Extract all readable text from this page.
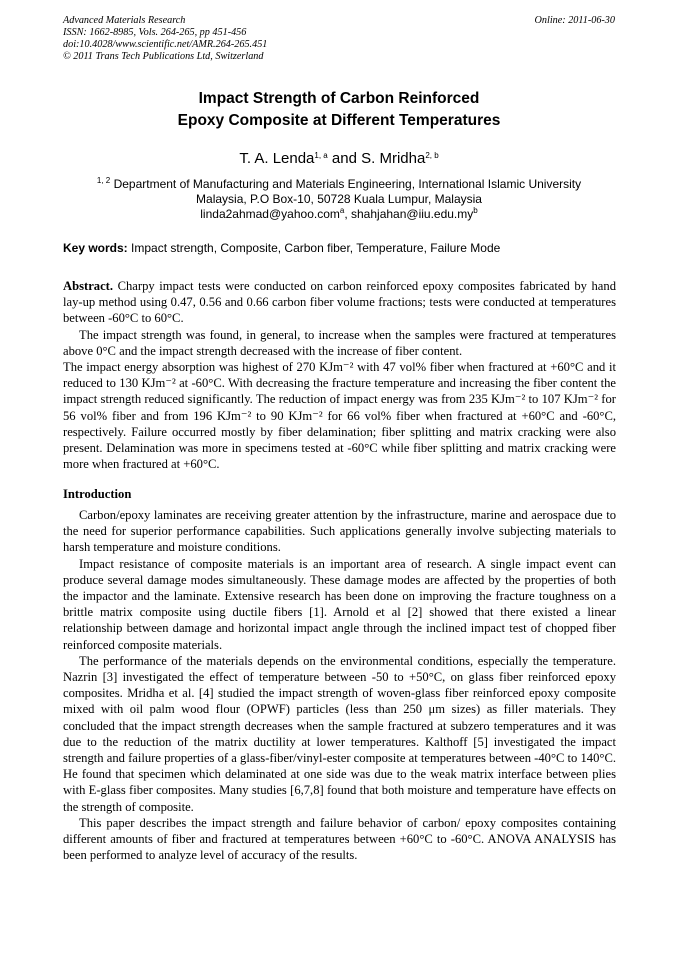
Advanced Materials Research
ISSN: 1662-8985, Vols. 264-265, pp 451-456
doi:10.4028/www.scientific.net/AMR.264-265.451
© 2011 Trans Tech Publications Ltd, Switzerland
Online: 2011-06-30
Impact Strength of Carbon Reinforced
Epoxy Composite at Different Temperatures
T. A. Lenda$^{1, a}$ and S. Mridha$^{2, b}$
$^{1, 2}$ Department of Manufacturing and Materials Engineering, International Islamic University
Malaysia, P.O Box-10, 50728 Kuala Lumpur, Malaysia
linda2ahmad@yahoo.com$^a$, $shahjahan@iiu.edu.my^b$
Key words: Impact strength, Composite, Carbon fiber, Temperature, Failure Mode

Abstract. Charpy impact tests were conducted on carbon reinforced epoxy composites fabricated by hand lay-up method using 0.47, 0.56 and 0.66 carbon fiber volume fractions; tests were conducted at temperatures between -60°C to 60°C.

The impact strength was found, in general, to increase when the samples were fractured at temperatures above 0°C and the impact strength decreased with the increase of fiber content.

The impact energy absorption was highest of 270 KJm⁻² with 47 vol% fiber when fractured at +60°C and it reduced to 130 KJm⁻² at -60°C. With decreasing the fracture temperature and increasing the fiber content the impact strength reduced significantly. The reduction of impact energy was from 235 KJm⁻² to 107 KJm⁻² for 56 vol% fiber and from 196 KJm⁻² to 90 KJm⁻² for 66 vol% fiber when fractured at +60°C and -60°C, respectively. Failure occurred mostly by fiber delamination; fiber splitting and matrix cracking were also present. Delamination was more in specimens tested at -60°C while fiber splitting and matrix cracking were more when fractured at +60°C.

Introduction

Carbon/epoxy laminates are receiving greater attention by the infrastructure, marine and aerospace due to the need for superior performance capabilities. Such applications generally involve subjecting materials to harsh temperature and moisture conditions.

Impact resistance of composite materials is an important area of research. A single impact event can produce several damage modes simultaneously. These damage modes are affected by the properties of both the impactor and the laminate. Extensive research has been done on improving the fracture toughness on a brittle matrix composite using ductile fibers [1]. Arnold et al [2] showed that there existed a linear relationship between damage and horizontal impact angle through the inclined impact test of chopped fiber reinforced composite materials.

The performance of the materials depends on the environmental conditions, especially the temperature. Nazrin [3] investigated the effect of temperature between -50 to +50°C, on glass fiber reinforced epoxy composites. Mridha et al. [4] studied the impact strength of woven-glass fiber reinforced epoxy composite mixed with oil palm wood flour (OPWF) particles (less than 250 μm sizes) as filler materials. They concluded that the impact strength decreases when the sample fractured at subzero temperatures and it was due to the reduction of the matrix ductility at lower temperatures. Kalthoff [5] investigated the impact strength and failure properties of a glass-fiber/vinyl-ester composite at temperatures between -40°C to 140°C. He found that specimen which delaminated at one side was due to the weak matrix interface between plies with E-glass fiber composites. Many studies [6,7,8] found that both moisture and temperature have effects on the strength of composite.

This paper describes the impact strength and failure behavior of carbon/ epoxy composites containing different amounts of fiber and fractured at temperatures between +60°C to -60°C. ANOVA ANALYSIS has been performed to analyze level of accuracy of the results.
